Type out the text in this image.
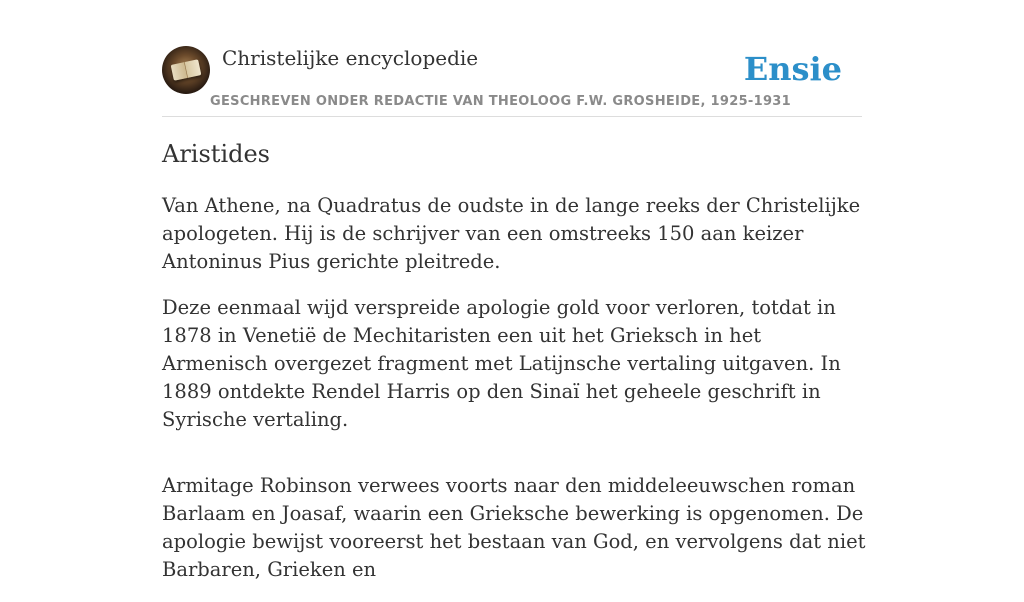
Christelijke encyclopedie
GESCHREVEN ONDER REDACTIE VAN THEOLOOG F.W. GROSHEIDE, 1925-1931
Ensie
Aristides

Van Athene, na Quadratus de oudste in de lange reeks der Christelijke apologeten. Hij is de schrijver van een omstreeks 150 aan keizer Antoninus Pius gerichte pleitrede.

Deze eenmaal wijd verspreide apologie gold voor verloren, totdat in 1878 in Venetië de Mechitaristen een uit het Grieksch in het Armenisch overgezet fragment met Latijnsche vertaling uitgaven. In 1889 ontdekte Rendel Harris op den Sinaï het geheele geschrift in Syrische vertaling.

Armitage Robinson verwees voorts naar den middeleeuwschen roman Barlaam en Joasaf, waarin een Grieksche bewerking is opgenomen. De apologie bewijst vooreerst het bestaan van God, en vervolgens dat niet Barbaren, Grieken en
